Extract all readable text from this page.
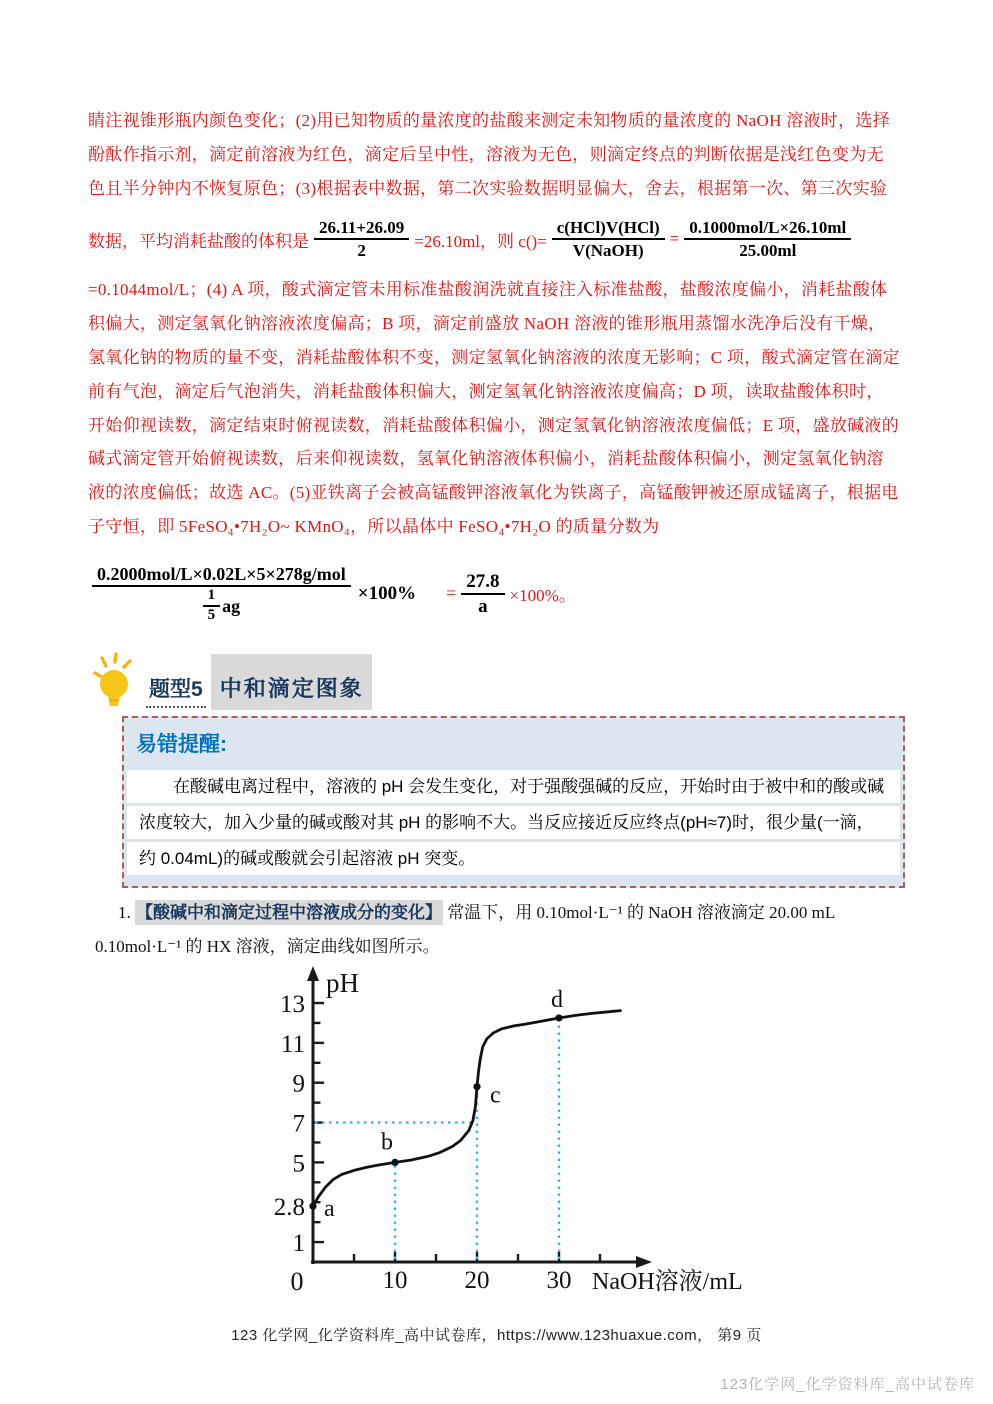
睛注视锥形瓶内颜色变化；(2)用已知物质的量浓度的盐酸来测定未知物质的量浓度的 NaOH 溶液时，选择
酚酞作指示剂，滴定前溶液为红色，滴定后呈中性，溶液为无色，则滴定终点的判断依据是浅红色变为无
色且半分钟内不恢复原色；(3)根据表中数据，第二次实验数据明显偏大，舍去，根据第一次、第三次实验
数据，平均消耗盐酸的体积是 $\frac{26.11+26.09}{2} =26.10ml$，则 $c()= \frac{\text{c(HCl)V(HCl)}}{\text{V(NaOH)}} = \frac{\text{0.1000mol/L×26.10ml}}{25.00ml}$
=0.1044mol/L；(4) A 项，酸式滴定管未用标准盐酸润洗就直接注入标准盐酸，盐酸浓度偏小，消耗盐酸体
积偏大，测定氢氧化钠溶液浓度偏高；B 项，滴定前盛放 NaOH 溶液的锥形瓶用蒸馏水洗净后没有干燥，
氢氧化钠的物质的量不变，消耗盐酸体积不变，测定氢氧化钠溶液的浓度无影响；C 项，酸式滴定管在滴定
前有气泡，滴定后气泡消失，消耗盐酸体积偏大，测定氢氧化钠溶液浓度偏高；D 项，读取盐酸体积时，
开始仰视读数，滴定结束时俯视读数，消耗盐酸体积偏小，测定氢氧化钠溶液浓度偏低；E 项，盛放碱液的
碱式滴定管开始俯视读数，后来仰视读数，氢氧化钠溶液体积偏小，消耗盐酸体积偏小，测定氢氧化钠溶
液的浓度偏低；故选 AC。(5)亚铁离子会被高锰酸钾溶液氧化为铁离子，高锰酸钾被还原成锰离子，根据电
子守恒，即 5FeSO₄•7H₂O~ KMnO₄，所以晶体中 FeSO₄•7H₂O 的质量分数为
$\frac{\text{0.2000mol/L×0.02L×5×278g/mol}}{\frac{1}{5} ag} \times 100\% = \frac{27.8}{a} \times 100\%$。
题型5 中和滴定图象
易错提醒:
在酸碱电离过程中，溶液的 pH 会发生变化，对于强酸强碱的反应，开始时由于被中和的酸或碱
浓度较大，加入少量的碱或酸对其 pH 的影响不大。当反应接近反应终点(pH≈7)时，很少量(一滴，
约 0.04mL)的碱或酸就会引起溶液 pH 突变。
1. 【酸碱中和滴定过程中溶液成分的变化】 常温下，用 0.10mol·L⁻¹ 的 NaOH 溶液滴定 20.00 mL
0.10mol·L⁻¹ 的 HX 溶液，滴定曲线如图所示。
13
11
9
7
5
1
2.8
10 20 30
0
a
b
c
d
pH
NaOH溶液/mL
123 化学网_化学资料库_高中试卷库，https://www.123huaxue.com， 第9 页
123化学网_化学资料库_高中试卷库
